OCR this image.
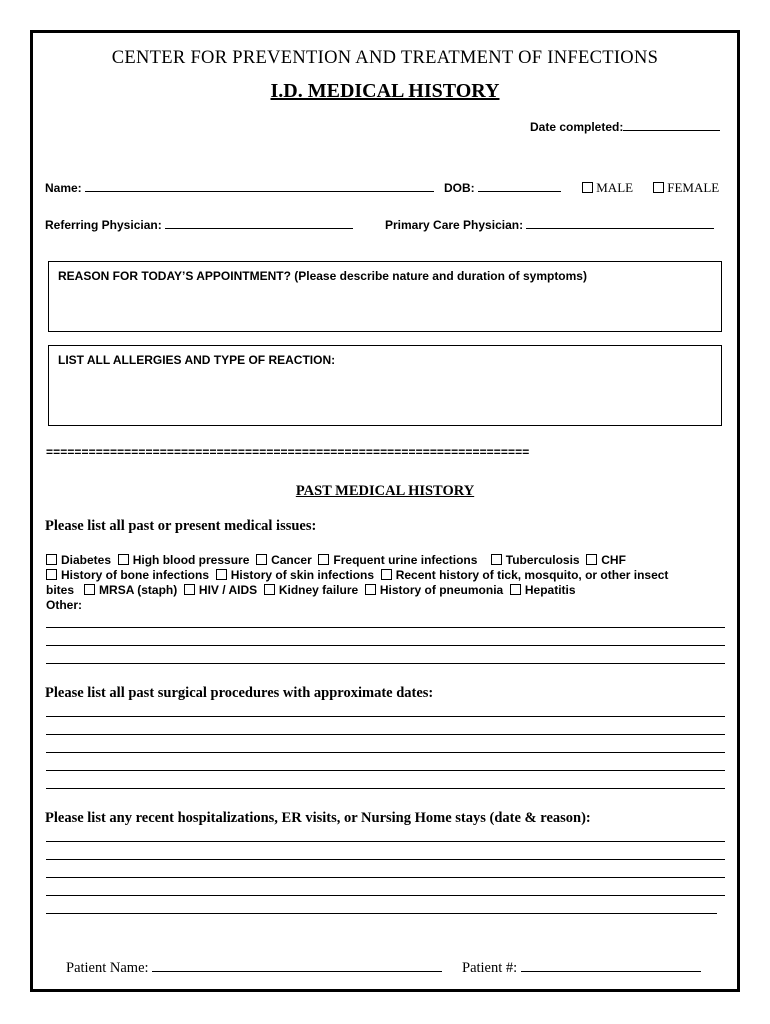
CENTER FOR PREVENTION AND TREATMENT OF INFECTIONS
I.D. MEDICAL HISTORY
Date completed:
Name:	DOB:	MALE	FEMALE
Referring Physician:	Primary Care Physician:
REASON FOR TODAY’S APPOINTMENT? (Please describe nature and duration of symptoms)
LIST ALL ALLERGIES AND TYPE OF REACTION:
====================================================================
PAST MEDICAL HISTORY
Please list all past or present medical issues:
Diabetes High blood pressure Cancer Frequent urine infections Tuberculosis CHF
History of bone infections History of skin infections Recent history of tick, mosquito, or other insect
bites MRSA (staph) HIV / AIDS Kidney failure History of pneumonia Hepatitis
Other:
Please list all past surgical procedures with approximate dates:
Please list any recent hospitalizations, ER visits, or Nursing Home stays (date & reason):
Patient Name:	Patient #:
